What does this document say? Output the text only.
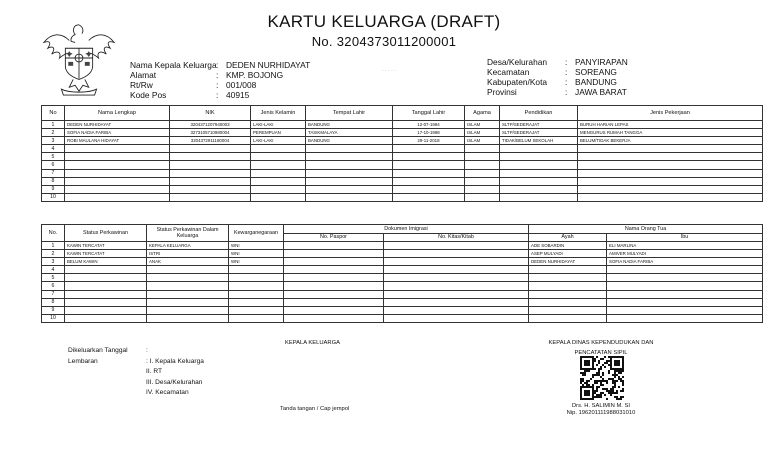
KARTU KELUARGA (DRAFT)
No. 3204373011200001
· · · · ·
Nama Kepala Keluarga : DEDEN NURHIDAYAT
Alamat	: KMP. BOJONG
Rt/Rw	: 001/008
Kode Pos	: 40915
Desa/Kelurahan	: PANYIRAPAN
Kecamatan	: SOREANG
Kabupaten/Kota	: BANDUNG
Provinsi	: JAWA BARAT
No	Nama Lengkap	NIK	Jenis Kelamin	Tempat Lahir	Tanggal Lahir	Agama	Pendidikan	Jenis Pekerjaan
1	DEDEN NURHIDAYAT	3204371207940003	LAKI-LAKI	BANDUNG	12-07-1994	ISLAM	SLTP/SEDERAJAT	BURUH HARIAN LEPAS
2	SOFIA NADIA FARIBA	3273105710980004	PEREMPUAN	TASIKMALAYA	17-10-1998	ISLAM	SLTP/SEDERAJAT	MENGURUS RUMAH TANGGA
3	ROBI MAULANA HIDAYAT	3204372911180004	LAKI-LAKI	BANDUNG	29-11-2018	ISLAM	TIDAK/BELUM SEKOLAH	BELUM/TIDAK BEKERJA
4								
5								
6								
7								
8								
9								
10								
No.	Status Perkawinan	Status Perkawinan Dalam Keluarga	Kewarganegaraan	Dokumen Imigrasi		Nama Orang Tua	
				No. Paspor	No. Kitas/Kitab	Ayah	Ibu
1	KAWIN TERCATAT	KEPALA KELUARGA	WNI			ADE SOBARDIN	ELI MARLINA
2	KAWIN TERCATAT	ISTRI	WNI			ASEP MULYADI	AMIVER MULYADI
3	BELUM KAWIN	ANAK	WNI			DEDEN NURHIDAYAT	SOFIA NADIA FARIBA
4							
5							
6							
7							
8							
9							
10							
Dikeluarkan Tanggal	:
Lembaran	: I. Kepala Keluarga
II. RT
III. Desa/Kelurahan
IV. Kecamatan
KEPALA KELUARGA
Tanda tangan / Cap jempol
KEPALA DINAS KEPENDUDUKAN DAN
PENCATATAN SIPIL
Drs. H. SALIMIN M. SI
Nip. 196201111988031010
